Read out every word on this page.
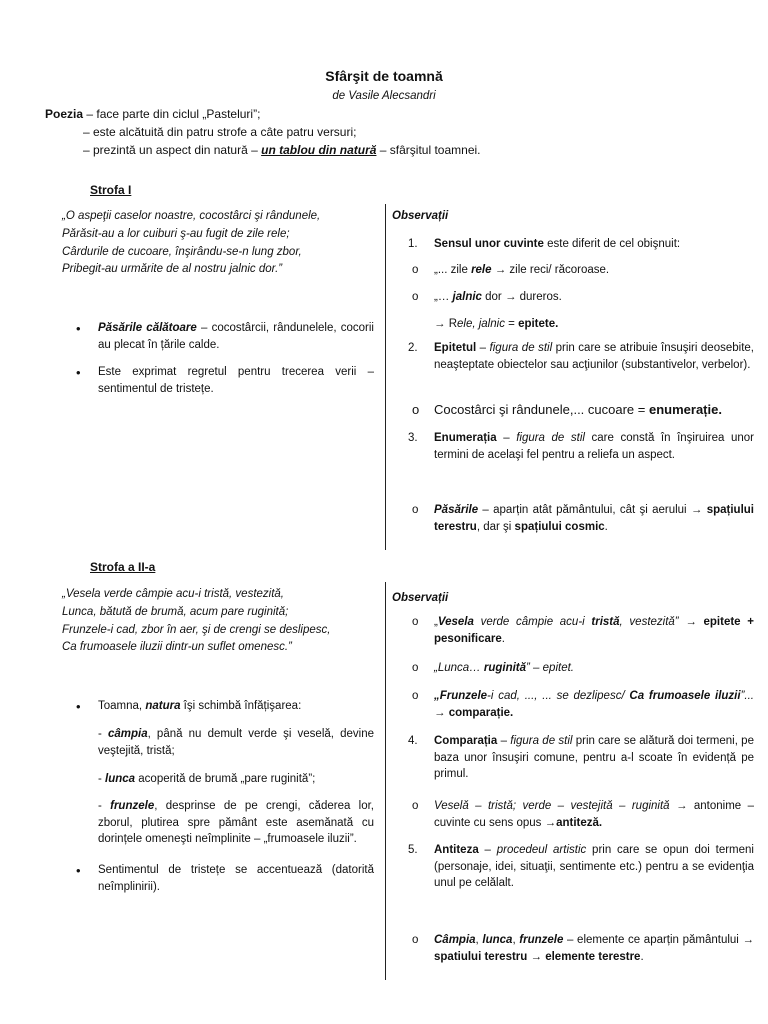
Sfârşit de toamnă
de Vasile Alecsandri
Poezia – face parte din ciclul „Pasteluri”;
– este alcătuită din patru strofe a câte patru versuri;
– prezintă un aspect din natură – un tablou din natură – sfârşitul toamnei.
Strofa I
„O aspeţii caselor noastre, cocostârci şi rândunele,
Părăsit-au a lor cuiburi ş-au fugit de zile rele;
Cârdurile de cucoare, înşirându-se-n lung zbor,
Pribegit-au urmărite de al nostru jalnic dor.”
• Păsările călătoare – cocostârcii, rândunelele, cocorii au plecat în țările calde.
• Este exprimat regretul pentru trecerea verii – sentimentul de tristețe.
Observații
1. Sensul unor cuvinte este diferit de cel obişnuit:
o „... zile rele → zile reci/ răcoroase.
o „… jalnic dor → dureros.
→ Rele, jalnic = epitete.
2. Epitetul – figura de stil prin care se atribuie însuşiri deosebite, neaşteptate obiectelor sau acţiunilor (substantivelor, verbelor).
o Cocostârci şi rândunele,... cucoare = enumerație.
3. Enumerația – figura de stil care constă în înşiruirea unor termini de acelaşi fel pentru a reliefa un aspect.
o Păsările – aparțin atât pământului, cât şi aerului → spațiului terestru, dar şi spațiului cosmic.
Strofa a II-a
„Vesela verde câmpie acu-i tristă, vestezită,
Lunca, bătută de brumă, acum pare ruginită;
Frunzele-i cad, zbor în aer, şi de crengi se deslipesc,
Ca frumoasele iluzii dintr-un suflet omenesc.”
• Toamna, natura îşi schimbă înfățişarea:
- câmpia, până nu demult verde şi veselă, devine veştejită, tristă;
- lunca acoperită de brumă „pare ruginită”;
- frunzele, desprinse de pe crengi, căderea lor, zborul, plutirea spre pământ este asemănată cu dorințele omeneşti neîmplinite – „frumoasele iluzii”.
• Sentimentul de tristețe se accentuează (datorită neîmplinirii).
Observații
o „Vesela verde câmpie acu-i tristă, vestezită” → epitete + pesonificare.
o „Lunca… ruginită” – epitet.
o „Frunzele-i cad, ..., ... se dezlipesc/ Ca frumoasele iluzii”... → comparație.
4. Comparația – figura de stil prin care se alătură doi termeni, pe baza unor însuşiri comune, pentru a-l scoate în evidență pe primul.
o Veselă – tristă; verde – vestejită – ruginită → antonime – cuvinte cu sens opus →antiteză.
5. Antiteza – procedeul artistic prin care se opun doi termeni (personaje, idei, situaţii, sentimente etc.) pentru a se evidenţia unul pe celălalt.
o Câmpia, lunca, frunzele – elemente ce aparțin pământului → spatiului terestru → elemente terestre.
